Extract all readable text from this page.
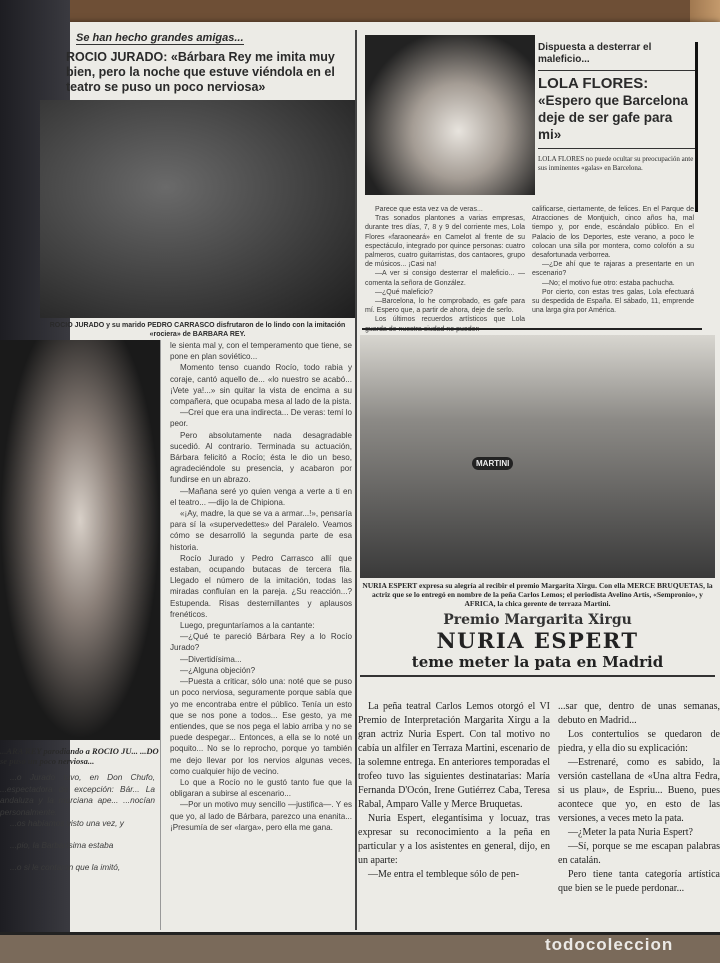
Se han hecho grandes amigas...
ROCIO JURADO: «Bárbara Rey me imita muy bien, pero la noche que estuve viéndola en el teatro se puso un poco nerviosa»
ROCIO JURADO y su marido PEDRO CARRASCO disfrutaron de lo lindo con la imitación «rociera» de BARBARA REY.
...ARA REY parodiando a ROCIO JU... ...DO se puso un poco nerviosa...

...o Jurado tuvo, en Don Chufo, ...espectadora de excepción: Bár... La andaluza y la murciana ape... ...nocían personalmente.

...os habíamos visto una vez, y

...pio, la Barbarísima estaba

...o si le contaron que la imitó,

le sienta mal y, con el temperamento que tiene, se pone en plan soviético...

Momento tenso cuando Rocío, todo rabia y coraje, cantó aquello de... «lo nuestro se acabó... ¡Vete ya!...» sin quitar la vista de encima a su compañera, que ocupaba mesa al lado de la pista.

—Creí que era una indirecta... De veras: temí lo peor.

Pero absolutamente nada desagradable sucedió. Al contrario. Terminada su actuación, Bárbara felicitó a Rocío; ésta le dio un beso, agradeciéndole su presencia, y acabaron por fundirse en un abrazo.

—Mañana seré yo quien venga a verte a ti en el teatro... —dijo la de Chipiona.

«¡Ay, madre, la que se va a armar...!», pensaría para sí la «supervedettes» del Paralelo. Veamos cómo se desarrolló la segunda parte de esa historia.

Rocío Jurado y Pedro Carrasco allí que estaban, ocupando butacas de tercera fila. Llegado el número de la imitación, todas las miradas confluían en la pareja. ¿Su reacción...? Estupenda. Risas desternillantes y aplausos frenéticos.

Luego, preguntaríamos a la cantante:

—¿Qué te pareció Bárbara Rey a lo Rocío Jurado?

—Divertidísima...

—¿Alguna objeción?

—Puesta a criticar, sólo una: noté que se puso un poco nerviosa, seguramente porque sabía que yo me encontraba entre el público. Tenía un esto que se nos pone a todos... Ese gesto, ya me entiendes, que se nos pega el labio arriba y no se puede despegar... Entonces, a ella se lo noté un poquito... No se lo reprocho, porque yo también me dejo llevar por los nervios algunas veces, como cualquier hijo de vecino.

Lo que a Rocío no le gustó tanto fue que la obligaran a subirse al escenario...

—Por un motivo muy sencillo —justifica—. Y es que yo, al lado de Bárbara, parezco una enanita... ¡Presumía de ser «larga», pero ella me gana.

Dispuesta a desterrar el maleficio...
LOLA FLORES:
«Espero que Barcelona deje de ser gafe para mi»
LOLA FLORES no puede ocultar su preocupación ante sus inminentes «galas» en Barcelona.

Parece que esta vez va de veras...

Tras sonados plantones a varias empresas, durante tres días, 7, 8 y 9 del corriente mes, Lola Flores «faraoneará» en Camelot al frente de su espectáculo, integrado por quince personas: cuatro palmeros, cuatro guitarristas, dos cantaores, grupo de músicos... ¡Casi na!

—A ver si consigo desterrar el maleficio... —comenta la señora de González.

—¿Qué maleficio?

—Barcelona, lo he comprobado, es gafe para mí. Espero que, a partir de ahora, deje de serlo.

Los últimos recuerdos artísticos que Lola

calificarse, ciertamente, de felices. En el Parque de Atracciones de Montjuich, cinco años ha, mal tiempo y, por ende, escándalo público. En el Palacio de los Deportes, este verano, a poco le colocan una silla por montera, como colofón a su desafortunada verborrea.

—¿De ahí que te rajaras a presentarte en un escenario?

—No; el motivo fue otro: estaba pachucha.

Por cierto, con estas tres galas, Lola efectuará su despedida de España. El sábado, 11, emprende una larga gira por América.

MARTINI
NURIA ESPERT expresa su alegría al recibir el premio Margarita Xirgu. Con ella MERCE BRUQUETAS, la actriz que se lo entregó en nombre de la peña Carlos Lemos; el periodista Avelino Artís, «Sempronio», y AFRICA, la chica gerente de terraza Martini.
Premio Margarita Xirgu
NURIA ESPERT
teme meter la pata en Madrid

La peña teatral Carlos Lemos otorgó el VI Premio de Interpretación Margarita Xirgu a la gran actriz Nuria Espert. Con tal motivo no cabía un alfiler en Terraza Martini, escenario de la solemne entrega. En anteriores temporadas el trofeo tuvo las siguientes destinatarias: María Fernanda D'Ocón, Irene Gutiérrez Caba, Teresa Rabal, Amparo Valle y Merce Bruquetas.

Nuria Espert, elegantísima y locuaz, tras expresar su reconocimiento a la peña en particular y a los asistentes en general, dijo, en un aparte:

—Me entra el tembleque sólo de pen-

...sar que, dentro de unas semanas, debuto en Madrid...

Los contertulios se quedaron de piedra, y ella dio su explicación:

—Estrenaré, como es sabido, la versión castellana de «Una altra Fedra, si us plau», de Espriu... Bueno, pues acontece que yo, en esto de las versiones, a veces meto la pata.

—¿Meter la pata Nuria Espert?

—Sí, porque se me escapan palabras en catalán.

Pero tiene tanta categoría artística que bien se le puede perdonar...

todocoleccion
